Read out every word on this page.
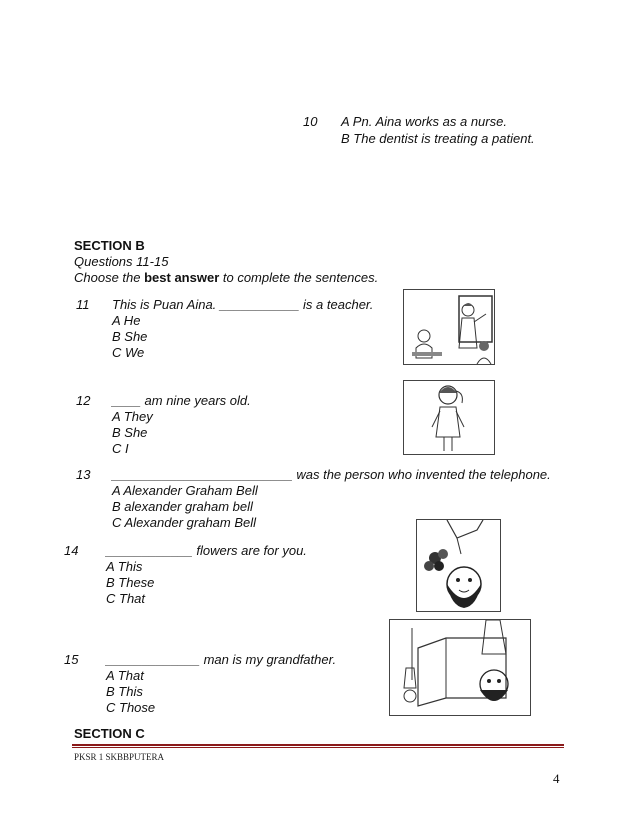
10 A Pn. Aina works as a nurse.
B The dentist is treating a patient.
SECTION B
Questions 11-15
Choose the best answer to complete the sentences.
11 This is Puan Aina. ___________ is a teacher.
A He
B She
C We
12 ____ am nine years old.
A They
B She
C I
13 _________________________ was the person who invented the telephone.
A Alexander Graham Bell
B alexander graham bell
C Alexander graham Bell
14 ____________ flowers are for you.
A This
B These
C That
15 _____________ man is my grandfather.
A That
B This
C Those
SECTION C
PKSR 1 SKBBPUTERA
4
